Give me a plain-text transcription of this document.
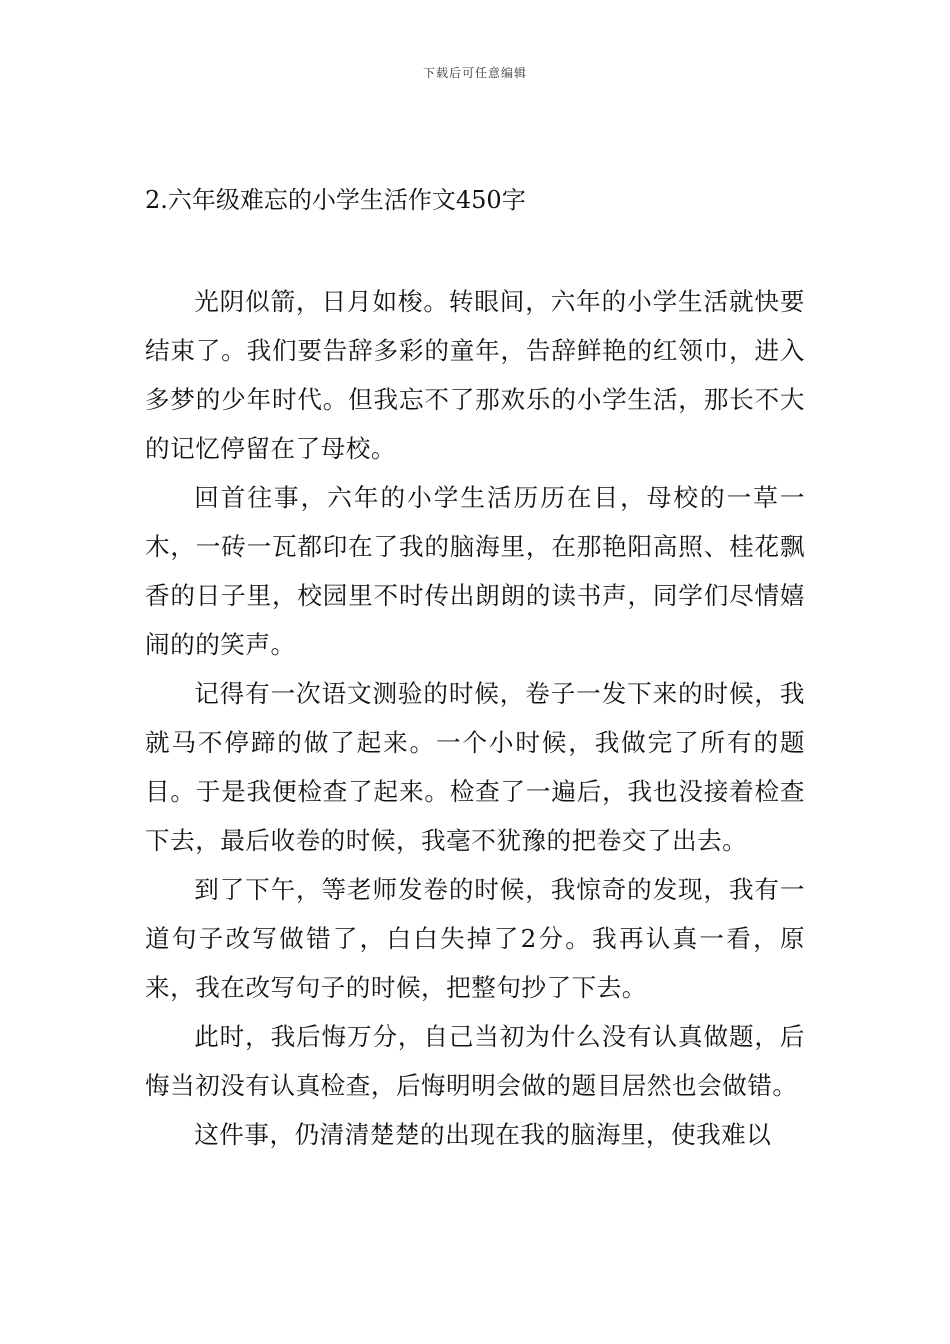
下载后可任意编辑
2.六年级难忘的小学生活作文450字

光阴似箭，日月如梭。转眼间，六年的小学生活就快要结束了。我们要告辞多彩的童年，告辞鲜艳的红领巾，进入多梦的少年时代。但我忘不了那欢乐的小学生活，那长不大的记忆停留在了母校。

回首往事，六年的小学生活历历在目，母校的一草一木，一砖一瓦都印在了我的脑海里，在那艳阳高照、桂花飘香的日子里，校园里不时传出朗朗的读书声，同学们尽情嬉闹的的笑声。

记得有一次语文测验的时候，卷子一发下来的时候，我就马不停蹄的做了起来。一个小时候，我做完了所有的题目。于是我便检查了起来。检查了一遍后，我也没接着检查下去，最后收卷的时候，我毫不犹豫的把卷交了出去。

到了下午，等老师发卷的时候，我惊奇的发现，我有一道句子改写做错了，白白失掉了2分。我再认真一看，原来，我在改写句子的时候，把整句抄了下去。

此时，我后悔万分，自己当初为什么没有认真做题，后悔当初没有认真检查，后悔明明会做的题目居然也会做错。

这件事，仍清清楚楚的出现在我的脑海里，使我难以
